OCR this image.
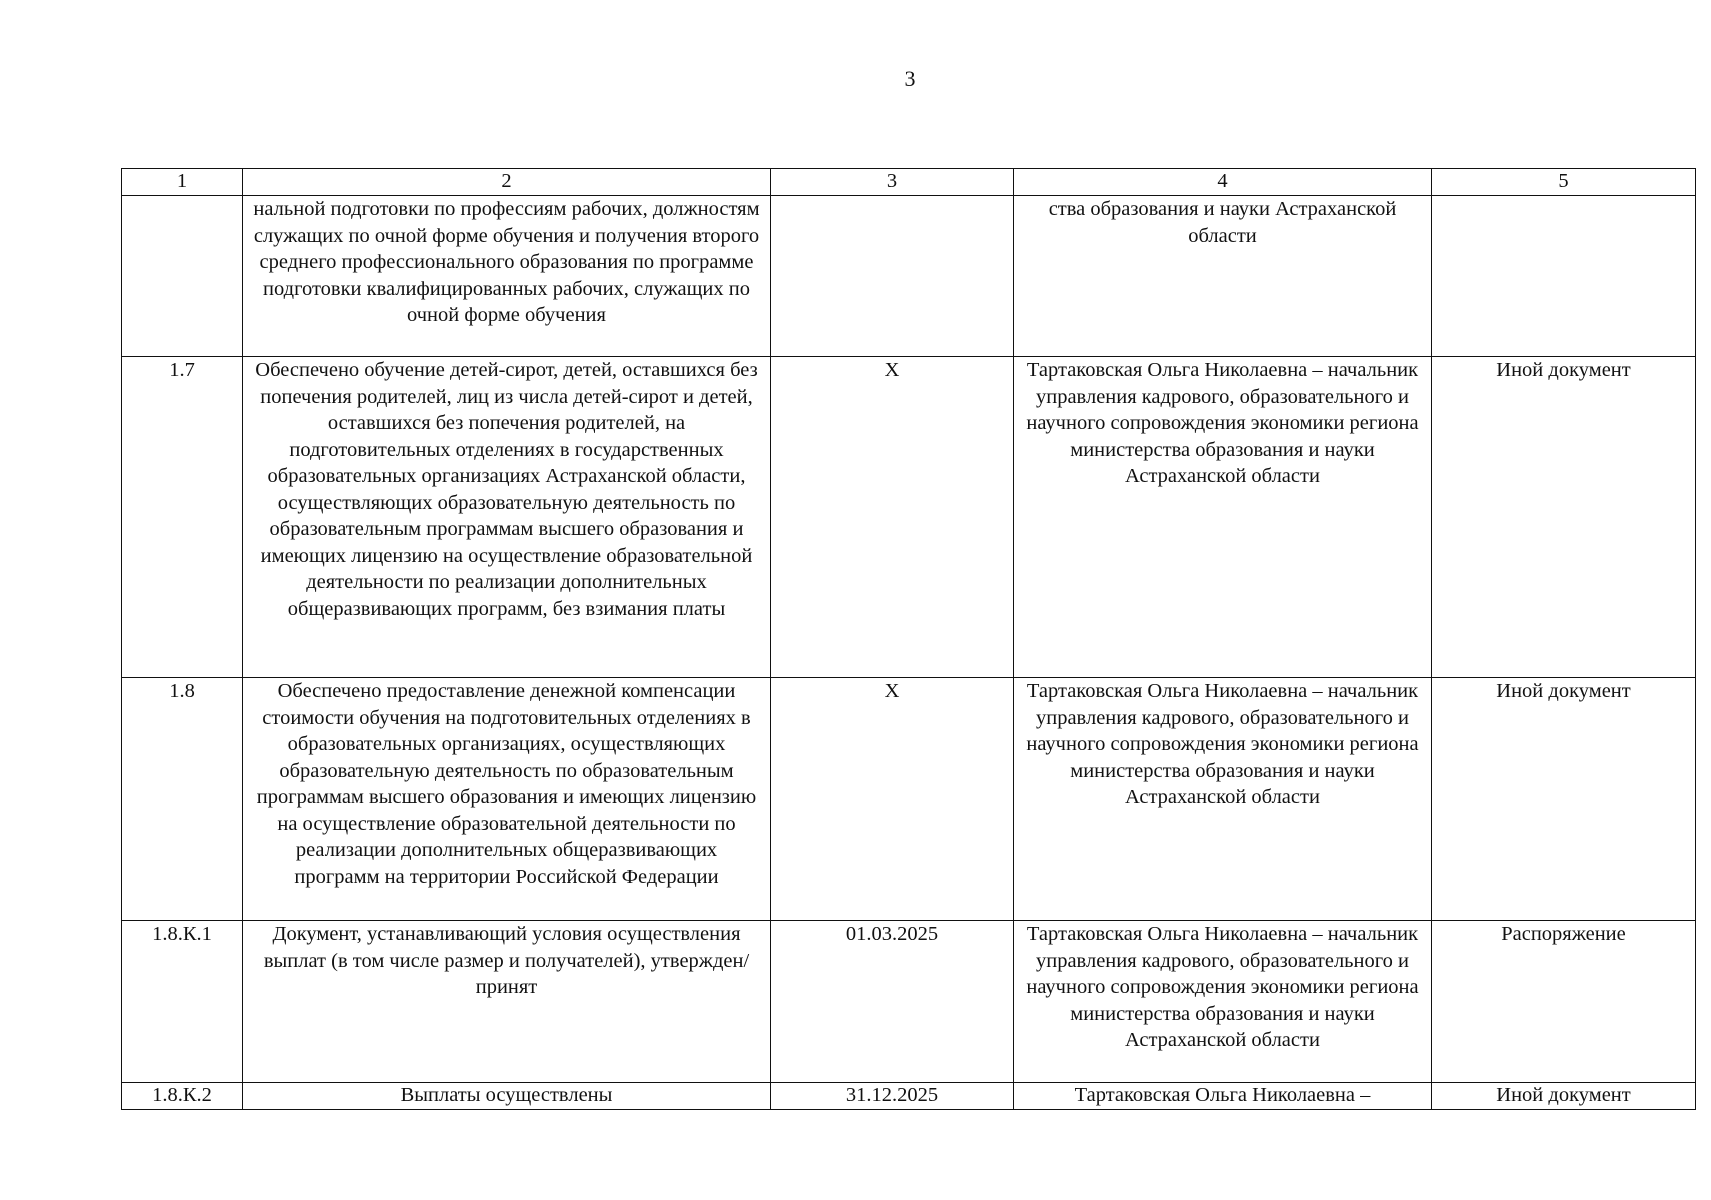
3
1	2	3	4	5
	нальной подготовки по профессиям рабочих, должностям служащих по очной форме обучения и получения второго среднего профессионального образования по программе подготовки квалифицированных рабочих, служащих по очной форме обучения		ства образования и науки Астраханской области	
1.7	Обеспечено обучение детей-сирот, детей, оставшихся без попечения родителей, лиц из числа детей-сирот и детей, оставшихся без попечения родителей, на подготовительных отделениях в государственных образовательных организациях Астраханской области, осуществляющих образовательную деятельность по образовательным программам высшего образования и имеющих лицензию на осуществление образовательной деятельности по реализации дополнительных общеразвивающих программ, без взимания платы	X	Тартаковская Ольга Николаевна – начальник управления кадрового, образовательного и научного сопровождения экономики региона министерства образования и науки Астраханской области	Иной документ
1.8	Обеспечено предоставление денежной компенсации стоимости обучения на подготовительных отделениях в образовательных организациях, осуществляющих образовательную деятельность по образовательным программам высшего образования и имеющих лицензию на осуществление образовательной деятельности по реализации дополнительных общеразвивающих программ на территории Российской Федерации	X	Тартаковская Ольга Николаевна – начальник управления кадрового, образовательного и научного сопровождения экономики региона министерства образования и науки Астраханской области	Иной документ
1.8.К.1	Документ, устанавливающий условия осуществления выплат (в том числе размер и получателей), утвержден/принят	01.03.2025	Тартаковская Ольга Николаевна – начальник управления кадрового, образовательного и научного сопровождения экономики региона министерства образования и науки Астраханской области	Распоряжение
1.8.К.2	Выплаты осуществлены	31.12.2025	Тартаковская Ольга Николаевна –	Иной документ
